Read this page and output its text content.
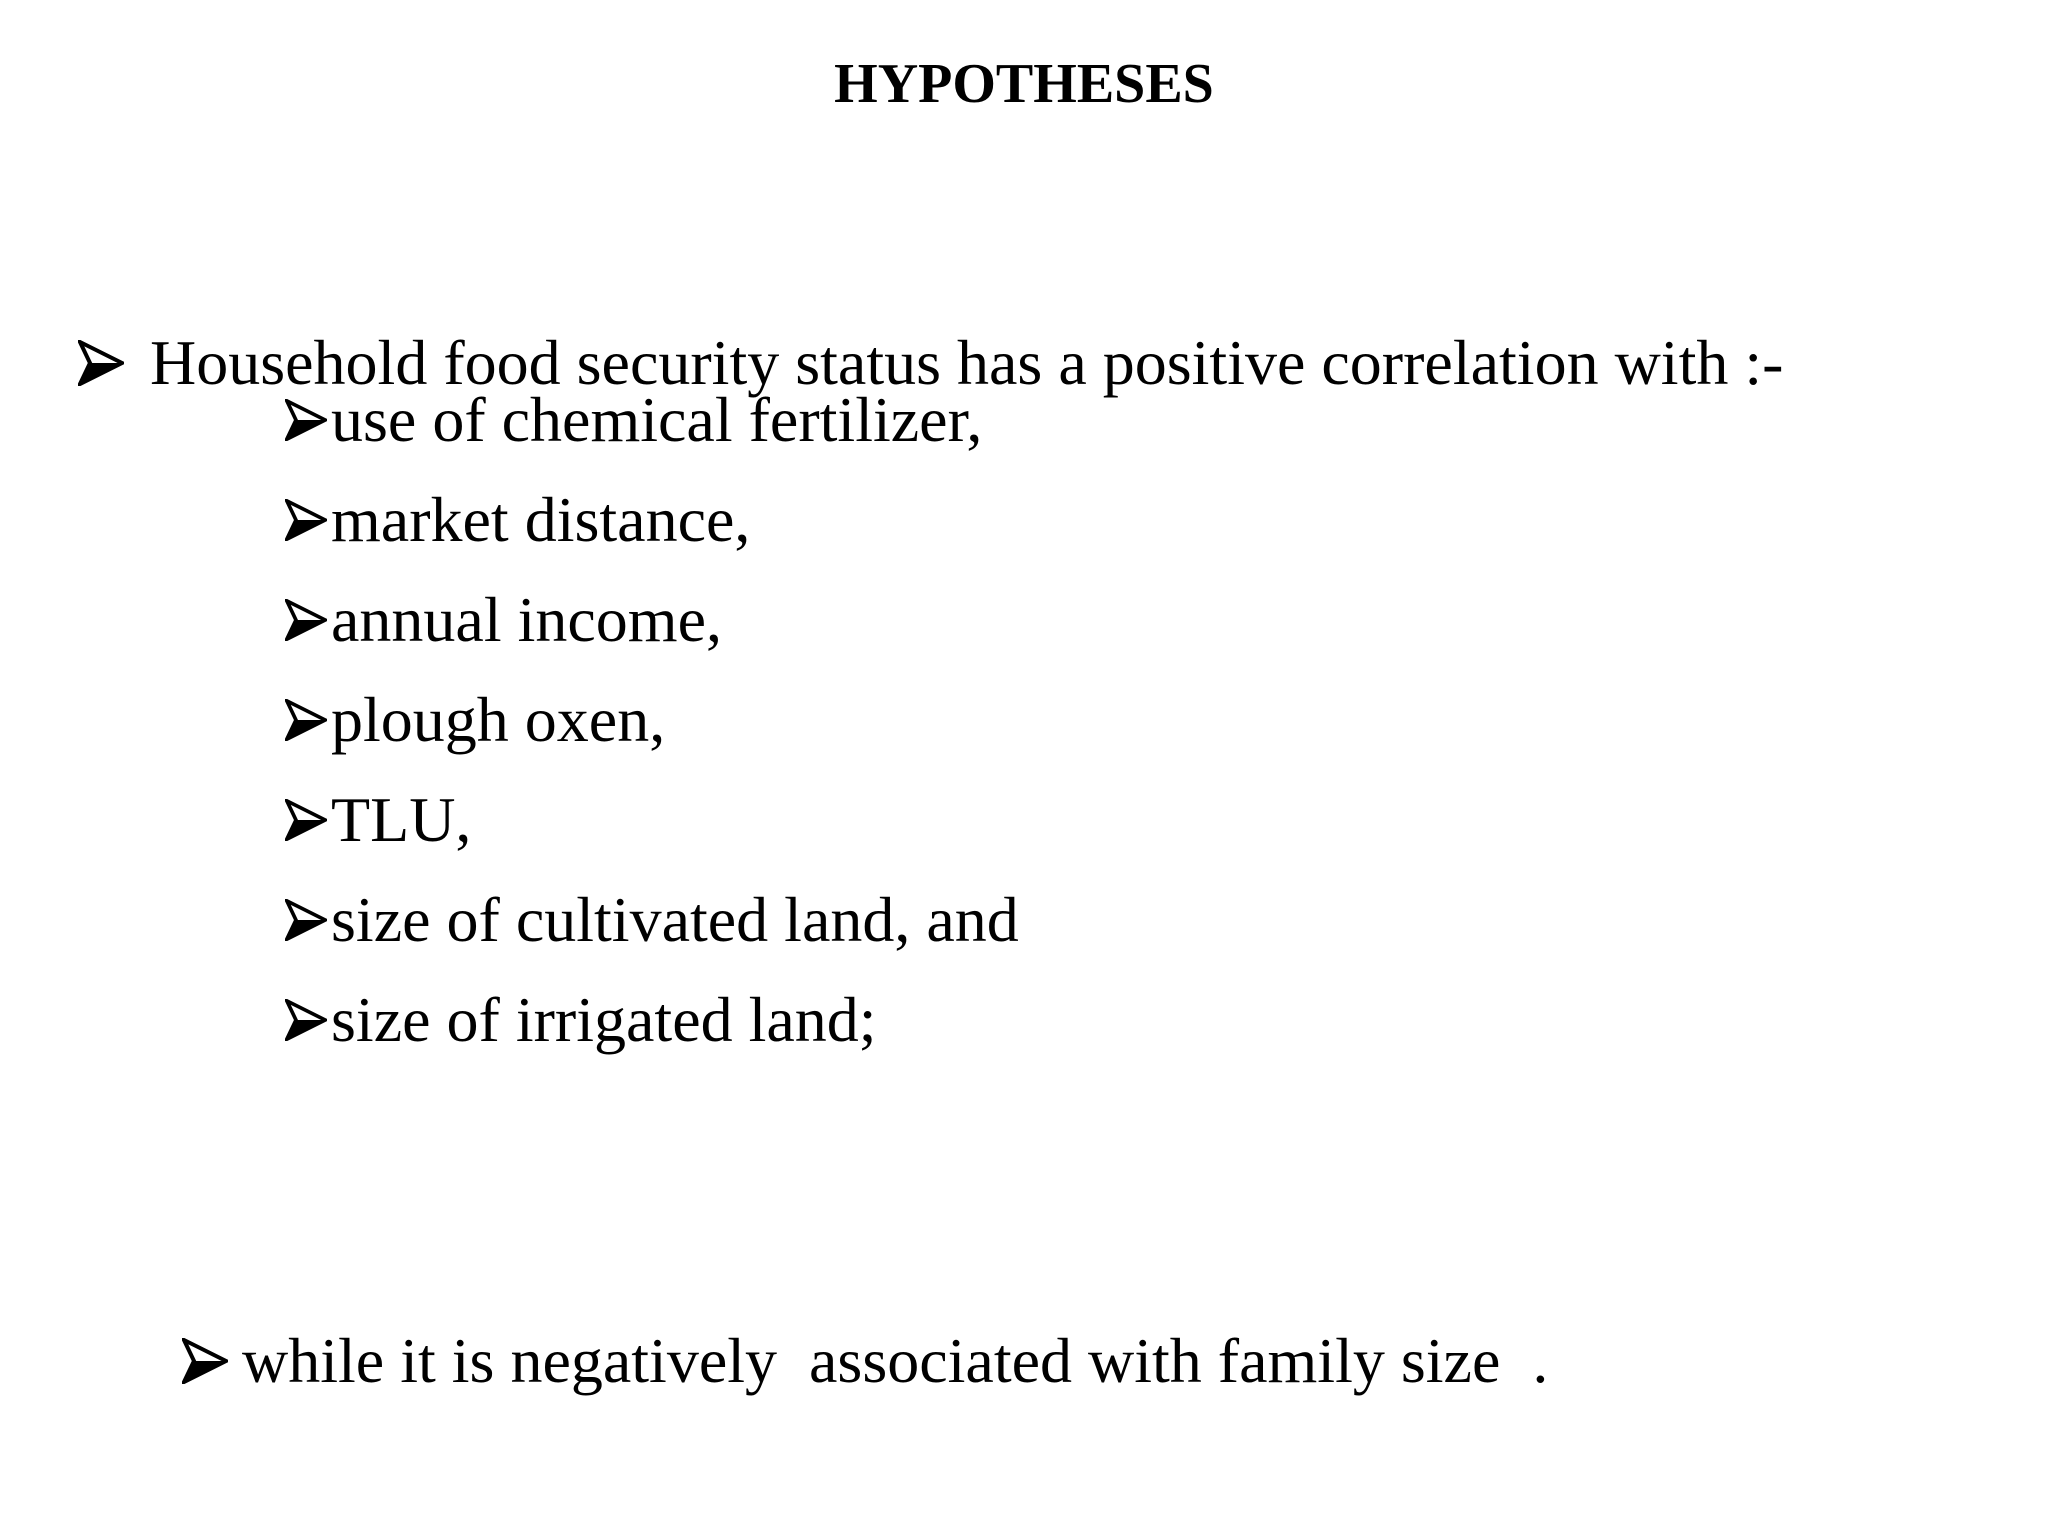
HYPOTHESES

Household food security status has a positive correlation with :-

use of chemical fertilizer,

market distance,

annual income,

plough oxen,

TLU,

size of cultivated land, and

size of irrigated land;

while it is negatively  associated with family size  .
